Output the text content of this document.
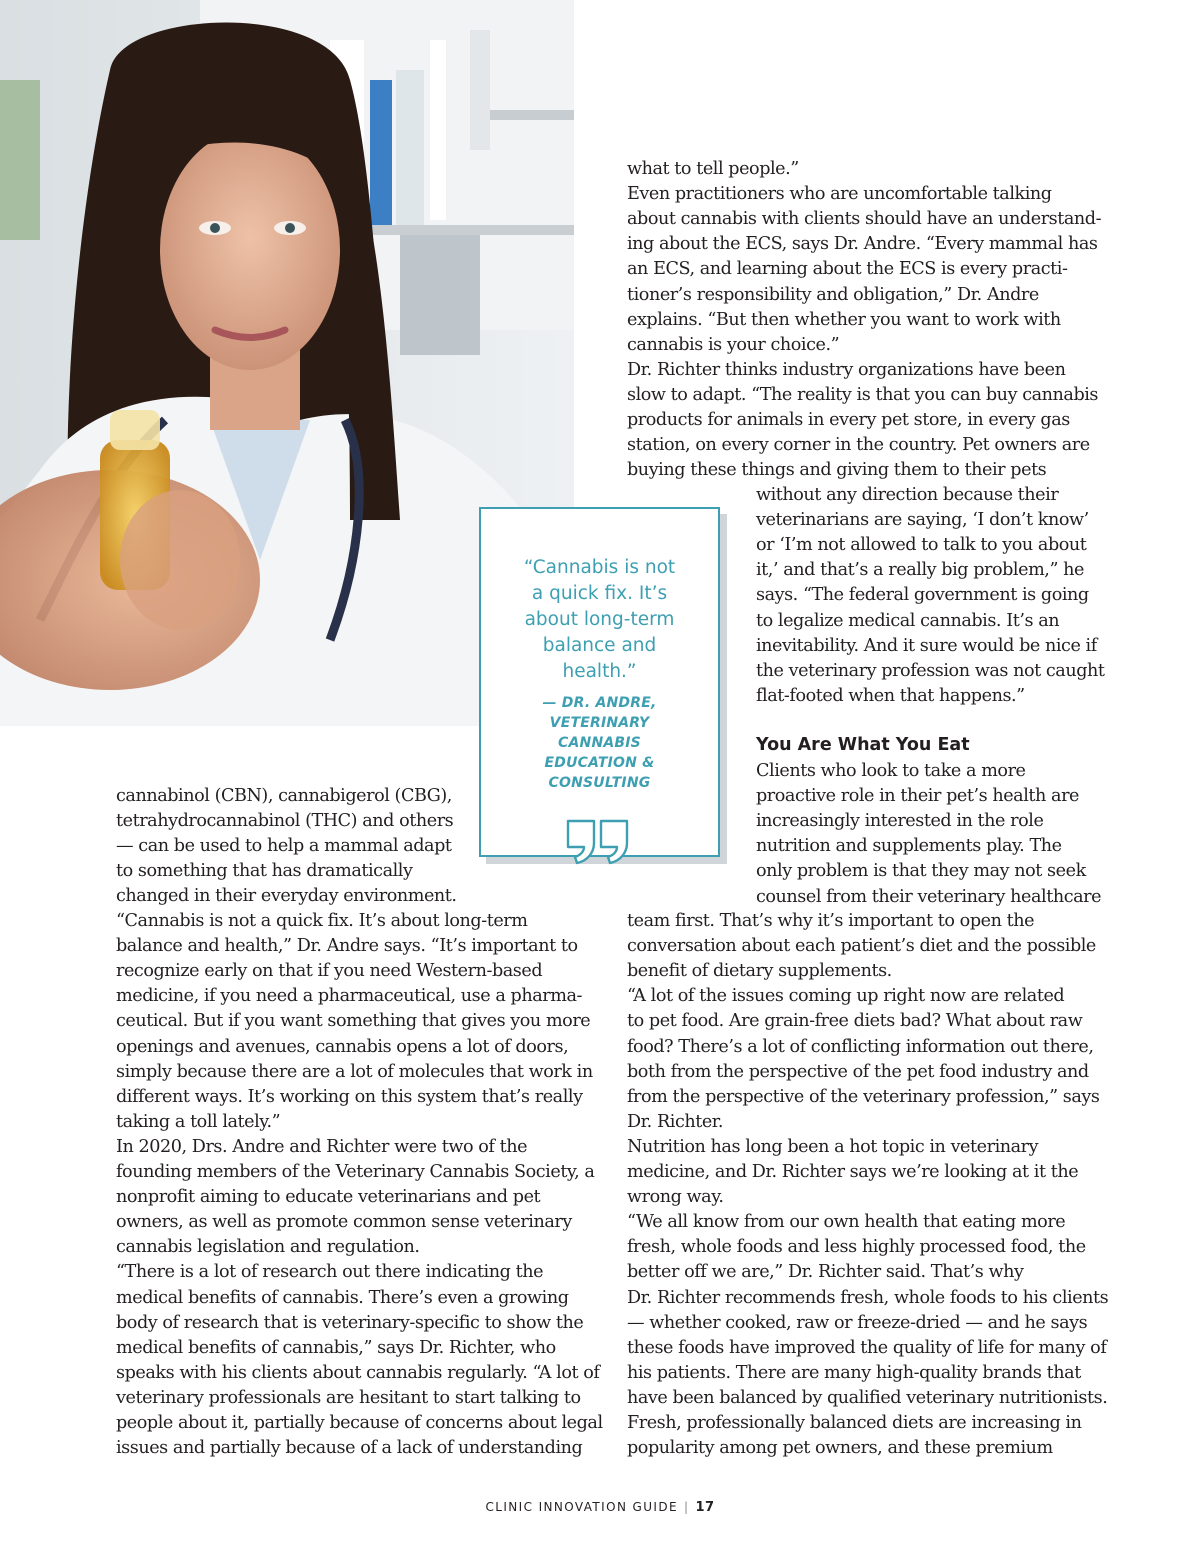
what to tell people.”
Even practitioners who are uncomfortable talking
about cannabis with clients should have an understand-
ing about the ECS, says Dr. Andre. “Every mammal has
an ECS, and learning about the ECS is every practi-
tioner’s responsibility and obligation,” Dr. Andre
explains. “But then whether you want to work with
cannabis is your choice.”
Dr. Richter thinks industry organizations have been
slow to adapt. “The reality is that you can buy cannabis
products for animals in every pet store, in every gas
station, on every corner in the country. Pet owners are
buying these things and giving them to their pets
without any direction because their
veterinarians are saying, ‘I don’t know’
or ‘I’m not allowed to talk to you about
it,’ and that’s a really big problem,” he
says. “The federal government is going
to legalize medical cannabis. It’s an
inevitability. And it sure would be nice if
the veterinary profession was not caught
flat-footed when that happens.”
You Are What You Eat
Clients who look to take a more
proactive role in their pet’s health are
increasingly interested in the role
nutrition and supplements play. The
only problem is that they may not seek
counsel from their veterinary healthcare
team first. That’s why it’s important to open the
conversation about each patient’s diet and the possible
benefit of dietary supplements.
“A lot of the issues coming up right now are related
to pet food. Are grain-free diets bad? What about raw
food? There’s a lot of conflicting information out there,
both from the perspective of the pet food industry and
from the perspective of the veterinary profession,” says
Dr. Richter.
Nutrition has long been a hot topic in veterinary
medicine, and Dr. Richter says we’re looking at it the
wrong way.
“We all know from our own health that eating more
fresh, whole foods and less highly processed food, the
better off we are,” Dr. Richter said. That’s why
Dr. Richter recommends fresh, whole foods to his clients
— whether cooked, raw or freeze-dried — and he says
these foods have improved the quality of life for many of
his patients. There are many high-quality brands that
have been balanced by qualified veterinary nutritionists.
Fresh, professionally balanced diets are increasing in
popularity among pet owners, and these premium
cannabinol (CBN), cannabigerol (CBG),
tetrahydrocannabinol (THC) and others
— can be used to help a mammal adapt
to something that has dramatically
changed in their everyday environment.
“Cannabis is not a quick fix. It’s about long-term
balance and health,” Dr. Andre says. “It’s important to
recognize early on that if you need Western-based
medicine, if you need a pharmaceutical, use a pharma-
ceutical. But if you want something that gives you more
openings and avenues, cannabis opens a lot of doors,
simply because there are a lot of molecules that work in
different ways. It’s working on this system that’s really
taking a toll lately.”
In 2020, Drs. Andre and Richter were two of the
founding members of the Veterinary Cannabis Society, a
nonprofit aiming to educate veterinarians and pet
owners, as well as promote common sense veterinary
cannabis legislation and regulation.
“There is a lot of research out there indicating the
medical benefits of cannabis. There’s even a growing
body of research that is veterinary-specific to show the
medical benefits of cannabis,” says Dr. Richter, who
speaks with his clients about cannabis regularly. “A lot of
veterinary professionals are hesitant to start talking to
people about it, partially because of concerns about legal
issues and partially because of a lack of understanding
“Cannabis is not
a quick fix. It’s
about long-term
balance and
health.”
— DR. ANDRE,
VETERINARY
CANNABIS
EDUCATION &
CONSULTING
CLINIC INNOVATION GUIDE | 17
